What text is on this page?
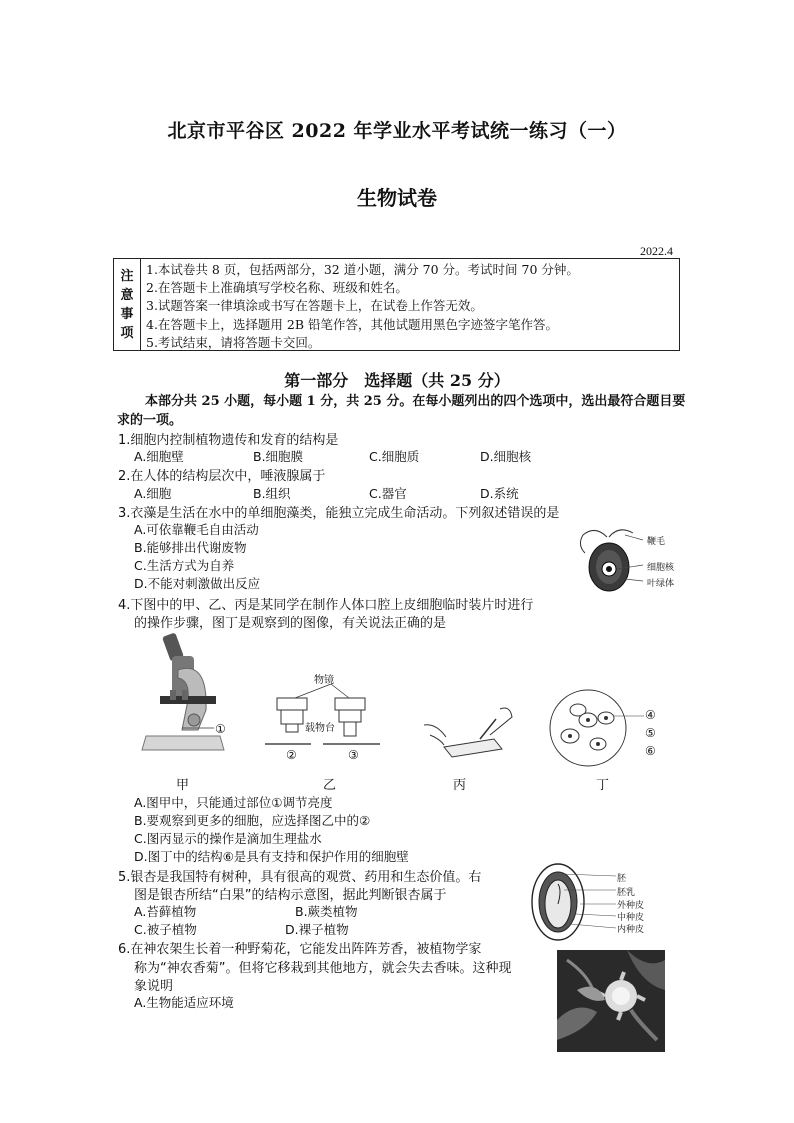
北京市平谷区 2022 年学业水平考试统一练习（一）
生物试卷
2022.4
注
意
事
项
1.本试卷共 8 页，包括两部分，32 道小题，满分 70 分。考试时间 70 分钟。
2.在答题卡上准确填写学校名称、班级和姓名。
3.试题答案一律填涂或书写在答题卡上，在试卷上作答无效。
4.在答题卡上，选择题用 2B 铅笔作答，其他试题用黑色字迹签字笔作答。
5.考试结束，请将答题卡交回。
第一部分　选择题（共 25 分）
本部分共 25 小题，每小题 1 分，共 25 分。在每小题列出的四个选项中，选出最符合题目要求的一项。
1.细胞内控制植物遗传和发育的结构是
A.细胞壁	B.细胞膜	C.细胞质	D.细胞核
2.在人体的结构层次中，唾液腺属于
A.细胞	B.组织	C.器官	D.系统
3.衣藻是生活在水中的单细胞藻类，能独立完成生命活动。下列叙述错误的是
A.可依靠鞭毛自由活动
B.能够排出代谢废物
C.生活方式为自养
D.不能对刺激做出反应
鞭毛
细胞核
叶绿体
4.下图中的甲、乙、丙是某同学在制作人体口腔上皮细胞临时装片时进行
的操作步骤，图丁是观察到的图像，有关说法正确的是
①
物镜
载物台
②	③
④
⑤
⑥
甲	乙	丙	丁
A.图甲中，只能通过部位①调节亮度
B.要观察到更多的细胞，应选择图乙中的②
C.图丙显示的操作是滴加生理盐水
D.图丁中的结构⑥是具有支持和保护作用的细胞壁
5.银杏是我国特有树种，具有很高的观赏、药用和生态价值。右
图是银杏所结“白果”的结构示意图，据此判断银杏属于
A.苔藓植物	B.蕨类植物
C.被子植物	D.裸子植物
胚
胚乳
外种皮
中种皮
内种皮
6.在神农架生长着一种野菊花，它能发出阵阵芳香，被植物学家
称为“神农香菊”。但将它移栽到其他地方，就会失去香味。这种现
象说明
A.生物能适应环境
